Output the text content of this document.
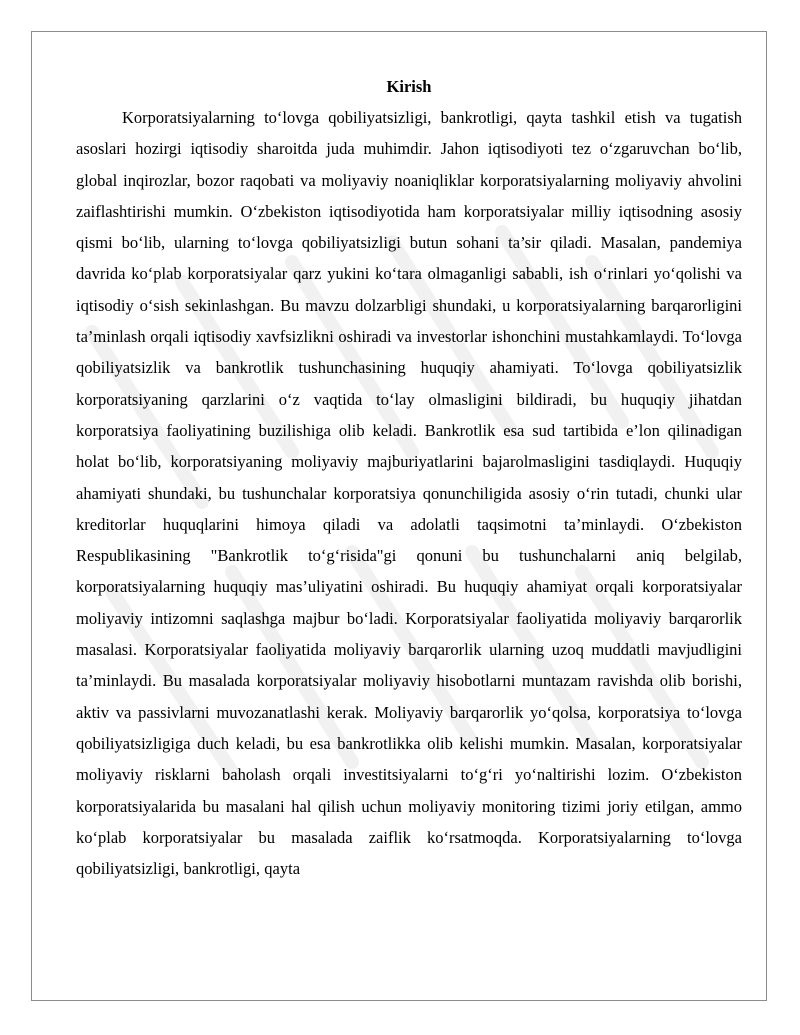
Kirish

Korporatsiyalarning to‘lovga qobiliyatsizligi, bankrotligi, qayta tashkil etish va tugatish asoslari hozirgi iqtisodiy sharoitda juda muhimdir. Jahon iqtisodiyoti tez o‘zgaruvchan bo‘lib, global inqirozlar, bozor raqobati va moliyaviy noaniqliklar korporatsiyalarning moliyaviy ahvolini zaiflashtirishi mumkin. O‘zbekiston iqtisodiyotida ham korporatsiyalar milliy iqtisodning asosiy qismi bo‘lib, ularning to‘lovga qobiliyatsizligi butun sohani ta’sir qiladi. Masalan, pandemiya davrida ko‘plab korporatsiyalar qarz yukini ko‘tara olmaganligi sababli, ish o‘rinlari yo‘qolishi va iqtisodiy o‘sish sekinlashgan. Bu mavzu dolzarbligi shundaki, u korporatsiyalarning barqarorligini ta’minlash orqali iqtisodiy xavfsizlikni oshiradi va investorlar ishonchini mustahkamlaydi. To‘lovga qobiliyatsizlik va bankrotlik tushunchasining huquqiy ahamiyati. To‘lovga qobiliyatsizlik korporatsiyaning qarzlarini o‘z vaqtida to‘lay olmasligini bildiradi, bu huquqiy jihatdan korporatsiya faoliyatining buzilishiga olib keladi. Bankrotlik esa sud tartibida e’lon qilinadigan holat bo‘lib, korporatsiyaning moliyaviy majburiyatlarini bajarolmasligini tasdiqlaydi. Huquqiy ahamiyati shundaki, bu tushunchalar korporatsiya qonunchiligida asosiy o‘rin tutadi, chunki ular kreditorlar huquqlarini himoya qiladi va adolatli taqsimotni ta’minlaydi. O‘zbekiston Respublikasining "Bankrotlik to‘g‘risida"gi qonuni bu tushunchalarni aniq belgilab, korporatsiyalarning huquqiy mas’uliyatini oshiradi. Bu huquqiy ahamiyat orqali korporatsiyalar moliyaviy intizomni saqlashga majbur bo‘ladi. Korporatsiyalar faoliyatida moliyaviy barqarorlik masalasi. Korporatsiyalar faoliyatida moliyaviy barqarorlik ularning uzoq muddatli mavjudligini ta’minlaydi. Bu masalada korporatsiyalar moliyaviy hisobotlarni muntazam ravishda olib borishi, aktiv va passivlarni muvozanatlashi kerak. Moliyaviy barqarorlik yo‘qolsa, korporatsiya to‘lovga qobiliyatsizligiga duch keladi, bu esa bankrotlikka olib kelishi mumkin. Masalan, korporatsiyalar moliyaviy risklarni baholash orqali investitsiyalarni to‘g‘ri yo‘naltirishi lozim. O‘zbekiston korporatsiyalarida bu masalani hal qilish uchun moliyaviy monitoring tizimi joriy etilgan, ammo ko‘plab korporatsiyalar bu masalada zaiflik ko‘rsatmoqda. Korporatsiyalarning to‘lovga qobiliyatsizligi, bankrotligi, qayta
